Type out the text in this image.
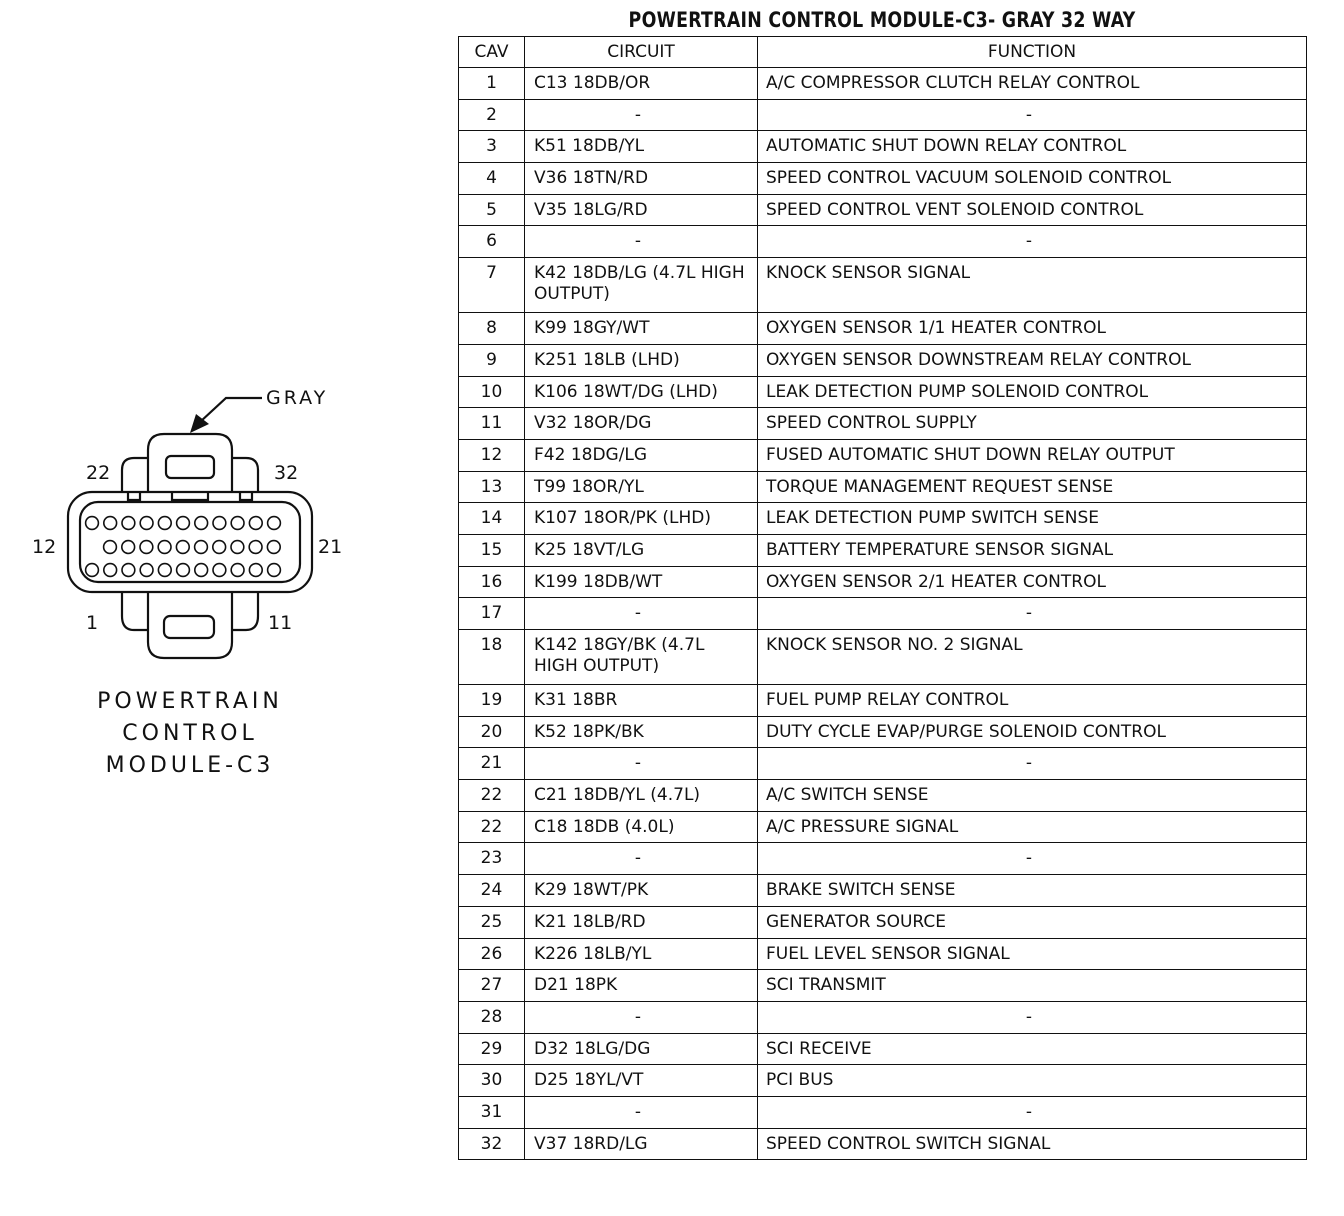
GRAY
22	32
12	21
1	11
POWERTRAIN
CONTROL
MODULE-C3
POWERTRAIN CONTROL MODULE-C3- GRAY 32 WAY
CAV	CIRCUIT	FUNCTION
1	C13 18DB/OR	A/C COMPRESSOR CLUTCH RELAY CONTROL
2	-	-
3	K51 18DB/YL	AUTOMATIC SHUT DOWN RELAY CONTROL
4	V36 18TN/RD	SPEED CONTROL VACUUM SOLENOID CONTROL
5	V35 18LG/RD	SPEED CONTROL VENT SOLENOID CONTROL
6	-	-
7	K42 18DB/LG (4.7L HIGH OUTPUT)	KNOCK SENSOR SIGNAL
8	K99 18GY/WT	OXYGEN SENSOR 1/1 HEATER CONTROL
9	K251 18LB (LHD)	OXYGEN SENSOR DOWNSTREAM RELAY CONTROL
10	K106 18WT/DG (LHD)	LEAK DETECTION PUMP SOLENOID CONTROL
11	V32 18OR/DG	SPEED CONTROL SUPPLY
12	F42 18DG/LG	FUSED AUTOMATIC SHUT DOWN RELAY OUTPUT
13	T99 18OR/YL	TORQUE MANAGEMENT REQUEST SENSE
14	K107 18OR/PK (LHD)	LEAK DETECTION PUMP SWITCH SENSE
15	K25 18VT/LG	BATTERY TEMPERATURE SENSOR SIGNAL
16	K199 18DB/WT	OXYGEN SENSOR 2/1 HEATER CONTROL
17	-	-
18	K142 18GY/BK (4.7L HIGH OUTPUT)	KNOCK SENSOR NO. 2 SIGNAL
19	K31 18BR	FUEL PUMP RELAY CONTROL
20	K52 18PK/BK	DUTY CYCLE EVAP/PURGE SOLENOID CONTROL
21	-	-
22	C21 18DB/YL (4.7L)	A/C SWITCH SENSE
22	C18 18DB (4.0L)	A/C PRESSURE SIGNAL
23	-	-
24	K29 18WT/PK	BRAKE SWITCH SENSE
25	K21 18LB/RD	GENERATOR SOURCE
26	K226 18LB/YL	FUEL LEVEL SENSOR SIGNAL
27	D21 18PK	SCI TRANSMIT
28	-	-
29	D32 18LG/DG	SCI RECEIVE
30	D25 18YL/VT	PCI BUS
31	-	-
32	V37 18RD/LG	SPEED CONTROL SWITCH SIGNAL
